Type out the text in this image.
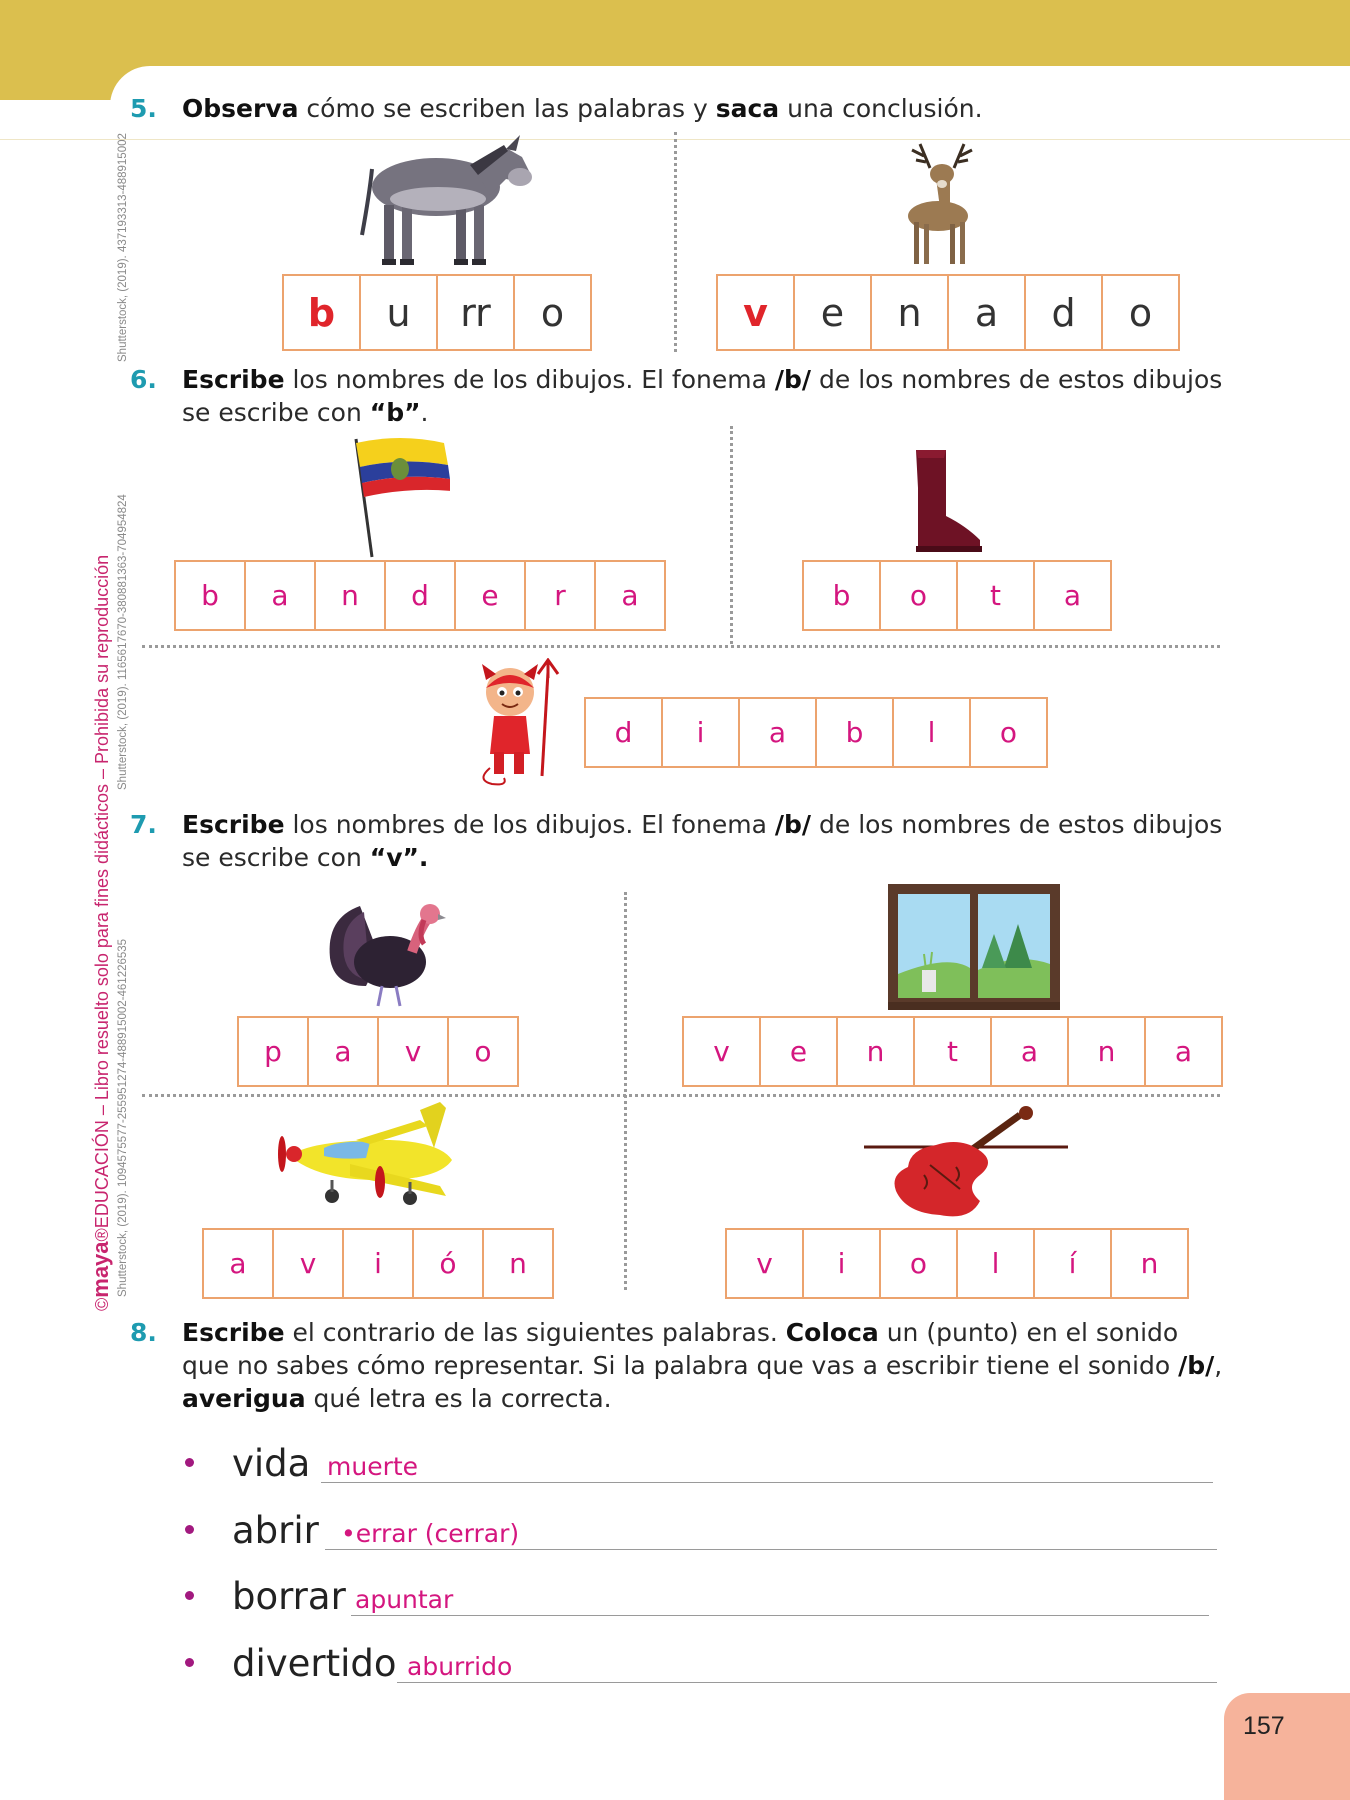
Shutterstock, (2019). 437193313-488915002
Shutterstock, (2019). 1165617670-380881363-704954824
Shutterstock, (2019). 1094575577-255951274-488915002-461226535
©maya®EDUCACIÓN – Libro resuelto solo para fines didácticos – Prohibida su reproducción
5. Observa cómo se escriben las palabras y saca una conclusión.
b	u	rr	o	v	e	n	a	d	o
6. Escribe los nombres de los dibujos. El fonema /b/ de los nombres de estos dibujos se escribe con “b”.
b	a	n	d	e	r	a	b	o	t	a
d	i	a	b	l	o
7. Escribe los nombres de los dibujos. El fonema /b/ de los nombres de estos dibujos se escribe con “v”.
p	a	v	o	v	e	n	t	a	n	a
a	v	i	ó	n	v	i	o	l	í	n
8. Escribe el contrario de las siguientes palabras. Coloca un (punto) en el sonido que no sabes cómo representar. Si la palabra que vas a escribir tiene el sonido /b/, averigua qué letra es la correcta.
vida muerte
abrir •errar (cerrar)
borrar apuntar
divertido aburrido
157
